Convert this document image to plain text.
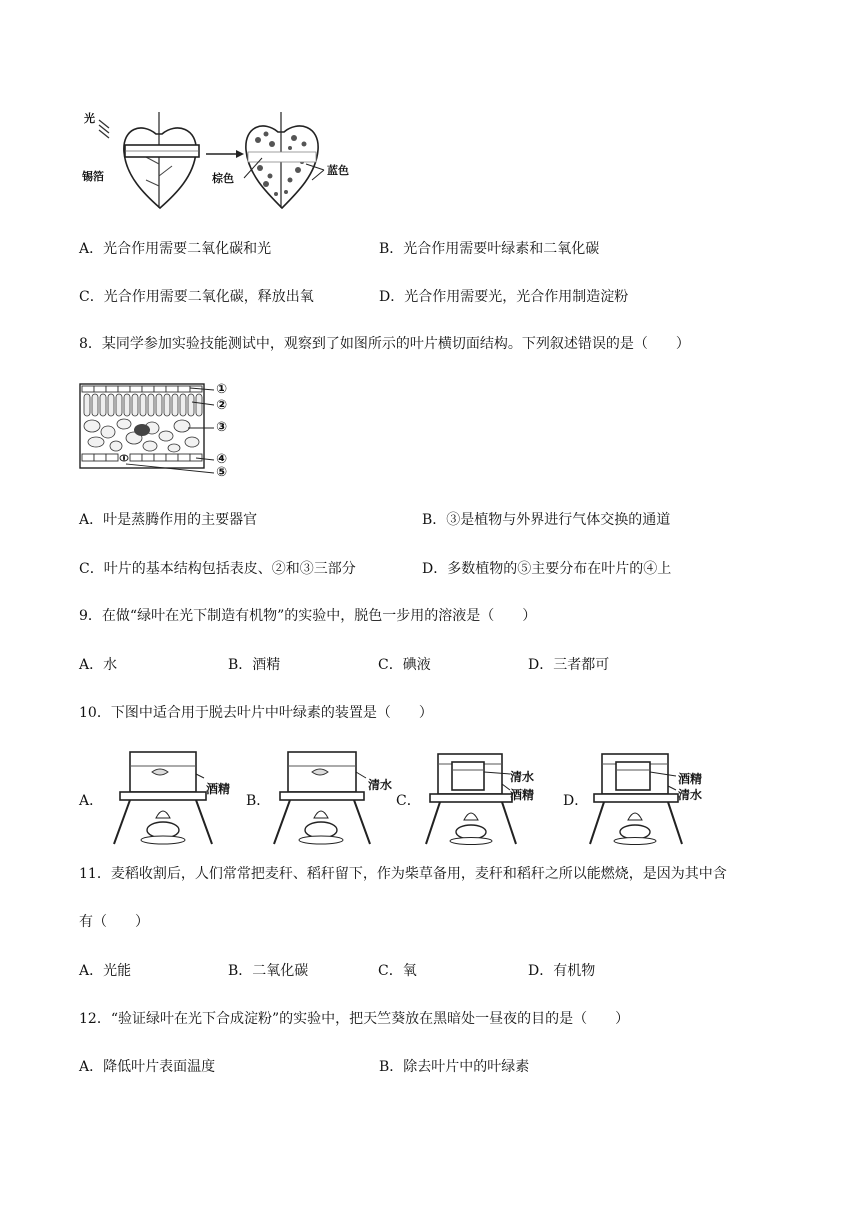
光
锡箔	棕色
蓝色
A．光合作用需要二氧化碳和光	B．光合作用需要叶绿素和二氧化碳
C．光合作用需要二氧化碳，释放出氧	D．光合作用需要光，光合作用制造淀粉
8．某同学参加实验技能测试中，观察到了如图所示的叶片横切面结构。下列叙述错误的是（　　）
①
②
③
④
⑤
A．叶是蒸腾作用的主要器官	B．③是植物与外界进行气体交换的通道
C．叶片的基本结构包括表皮、②和③三部分	D．多数植物的⑤主要分布在叶片的④上
9．在做“绿叶在光下制造有机物”的实验中，脱色一步用的溶液是（　　）
A．水	B．酒精	C．碘液	D．三者都可
10．下图中适合用于脱去叶片中叶绿素的装置是（　　）
A．
酒精
B．
清水
C．
清水
酒精 D．
酒精
清水
11．麦稻收割后，人们常常把麦秆、稻秆留下，作为柴草备用，麦秆和稻秆之所以能燃烧，是因为其中含
有（　　）
A．光能	B．二氧化碳	C．氧	D．有机物
12．“验证绿叶在光下合成淀粉”的实验中，把天竺葵放在黑暗处一昼夜的目的是（　　）
A．降低叶片表面温度	B．除去叶片中的叶绿素
